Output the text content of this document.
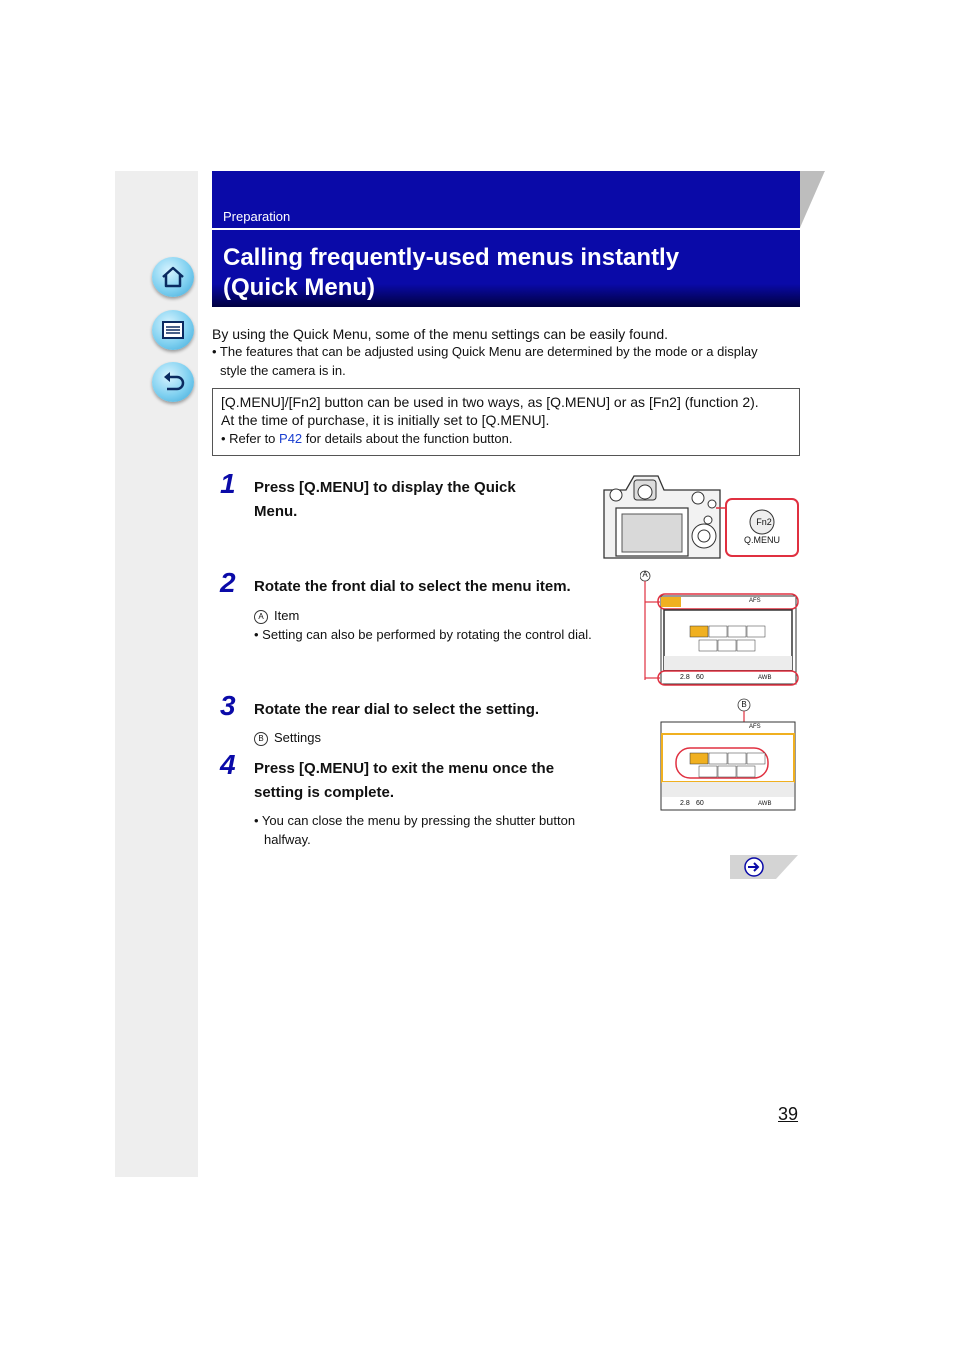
Preparation
Calling frequently-used menus instantly
(Quick Menu)
By using the Quick Menu, some of the menu settings can be easily found.
• The features that can be adjusted using Quick Menu are determined by the mode or a display
style the camera is in.
[Q.MENU]/[Fn2] button can be used in two ways, as [Q.MENU] or as [Fn2] (function 2).
At the time of purchase, it is initially set to [Q.MENU].
• Refer to P42 for details about the function button.
1 Press [Q.MENU] to display the Quick
Menu.
Fn2
Q.MENU
2 Rotate the front dial to select the menu item.
A Item
• Setting can also be performed by rotating the control dial.
A
AFS
2.8 60	AWB
3 Rotate the rear dial to select the setting.
B Settings
B
AFS
2.8 60	AWB
4 Press [Q.MENU] to exit the menu once the
setting is complete.
• You can close the menu by pressing the shutter button
halfway.
39
